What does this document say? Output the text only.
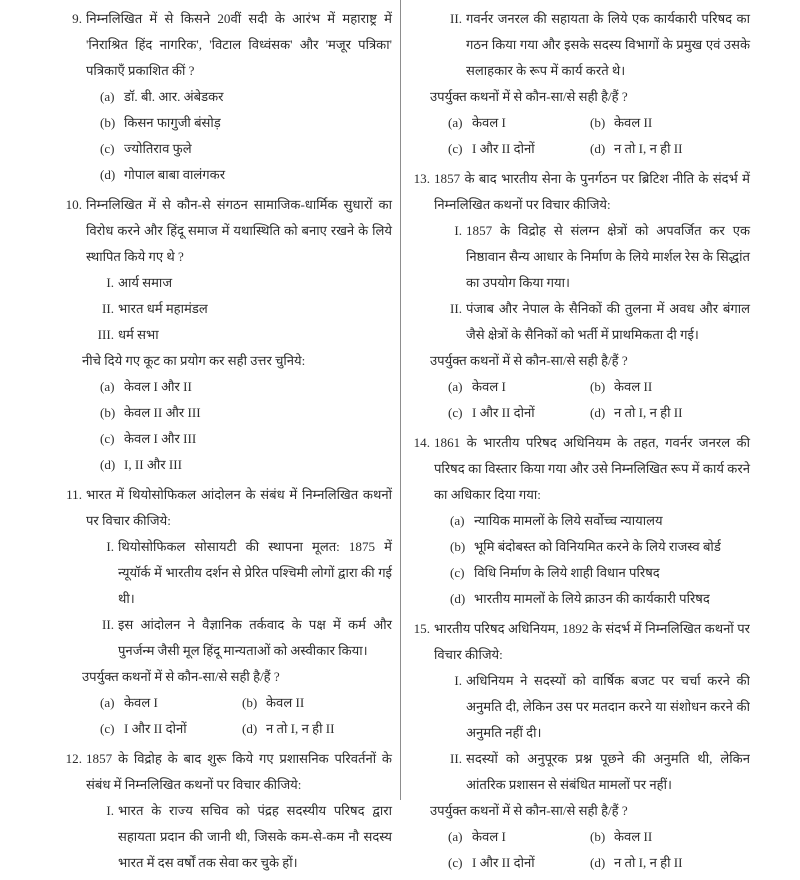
9. निम्नलिखित में से किसने 20वीं सदी के आरंभ में महाराष्ट्र में 'निराश्रित हिंद नागरिक', 'विटाल विध्वंसक' और 'मजूर पत्रिका' पत्रिकाएँ प्रकाशित कीं ?
(a) डॉ. बी. आर. अंबेडकर
(b) किसन फागुजी बंसोड़
(c) ज्योतिराव फुले
(d) गोपाल बाबा वालंगकर
10. निम्नलिखित में से कौन-से संगठन सामाजिक-धार्मिक सुधारों का विरोध करने और हिंदू समाज में यथास्थिति को बनाए रखने के लिये स्थापित किये गए थे ?
I. आर्य समाज
II. भारत धर्म महामंडल
III. धर्म सभा
नीचे दिये गए कूट का प्रयोग कर सही उत्तर चुनिये:
(a) केवल I और II
(b) केवल II और III
(c) केवल I और III
(d) I, II और III
11. भारत में थियोसोफिकल आंदोलन के संबंध में निम्नलिखित कथनों पर विचार कीजिये:
I. थियोसोफिकल सोसायटी की स्थापना मूलत: 1875 में न्यूयॉर्क में भारतीय दर्शन से प्रेरित पश्चिमी लोगों द्वारा की गई थी।
II. इस आंदोलन ने वैज्ञानिक तर्कवाद के पक्ष में कर्म और पुनर्जन्म जैसी मूल हिंदू मान्यताओं को अस्वीकार किया।
उपर्युक्त कथनों में से कौन-सा/से सही है/हैं ?
(a) केवल I	(b) केवल II
(c) I और II दोनों	(d) न तो I, न ही II
12. 1857 के विद्रोह के बाद शुरू किये गए प्रशासनिक परिवर्तनों के संबंध में निम्नलिखित कथनों पर विचार कीजिये:
I. भारत के राज्य सचिव को पंद्रह सदस्यीय परिषद द्वारा सहायता प्रदान की जानी थी, जिसके कम-से-कम नौ सदस्य भारत में दस वर्षों तक सेवा कर चुके हों।
II. गवर्नर जनरल की सहायता के लिये एक कार्यकारी परिषद का गठन किया गया और इसके सदस्य विभागों के प्रमुख एवं उसके सलाहकार के रूप में कार्य करते थे।
उपर्युक्त कथनों में से कौन-सा/से सही है/हैं ?
(a) केवल I	(b) केवल II
(c) I और II दोनों	(d) न तो I, न ही II
13. 1857 के बाद भारतीय सेना के पुनर्गठन पर ब्रिटिश नीति के संदर्भ में निम्नलिखित कथनों पर विचार कीजिये:
I. 1857 के विद्रोह से संलग्न क्षेत्रों को अपवर्जित कर एक निष्ठावान सैन्य आधार के निर्माण के लिये मार्शल रेस के सिद्धांत का उपयोग किया गया।
II. पंजाब और नेपाल के सैनिकों की तुलना में अवध और बंगाल जैसे क्षेत्रों के सैनिकों को भर्ती में प्राथमिकता दी गई।
उपर्युक्त कथनों में से कौन-सा/से सही है/हैं ?
(a) केवल I	(b) केवल II
(c) I और II दोनों	(d) न तो I, न ही II
14. 1861 के भारतीय परिषद अधिनियम के तहत, गवर्नर जनरल की परिषद का विस्तार किया गया और उसे निम्नलिखित रूप में कार्य करने का अधिकार दिया गया:
(a) न्यायिक मामलों के लिये सर्वोच्च न्यायालय
(b) भूमि बंदोबस्त को विनियमित करने के लिये राजस्व बोर्ड
(c) विधि निर्माण के लिये शाही विधान परिषद
(d) भारतीय मामलों के लिये क्राउन की कार्यकारी परिषद
15. भारतीय परिषद अधिनियम, 1892 के संदर्भ में निम्नलिखित कथनों पर विचार कीजिये:
I. अधिनियम ने सदस्यों को वार्षिक बजट पर चर्चा करने की अनुमति दी, लेकिन उस पर मतदान करने या संशोधन करने की अनुमति नहीं दी।
II. सदस्यों को अनुपूरक प्रश्न पूछने की अनुमति थी, लेकिन आंतरिक प्रशासन से संबंधित मामलों पर नहीं।
उपर्युक्त कथनों में से कौन-सा/से सही है/हैं ?
(a) केवल I	(b) केवल II
(c) I और II दोनों	(d) न तो I, न ही II
